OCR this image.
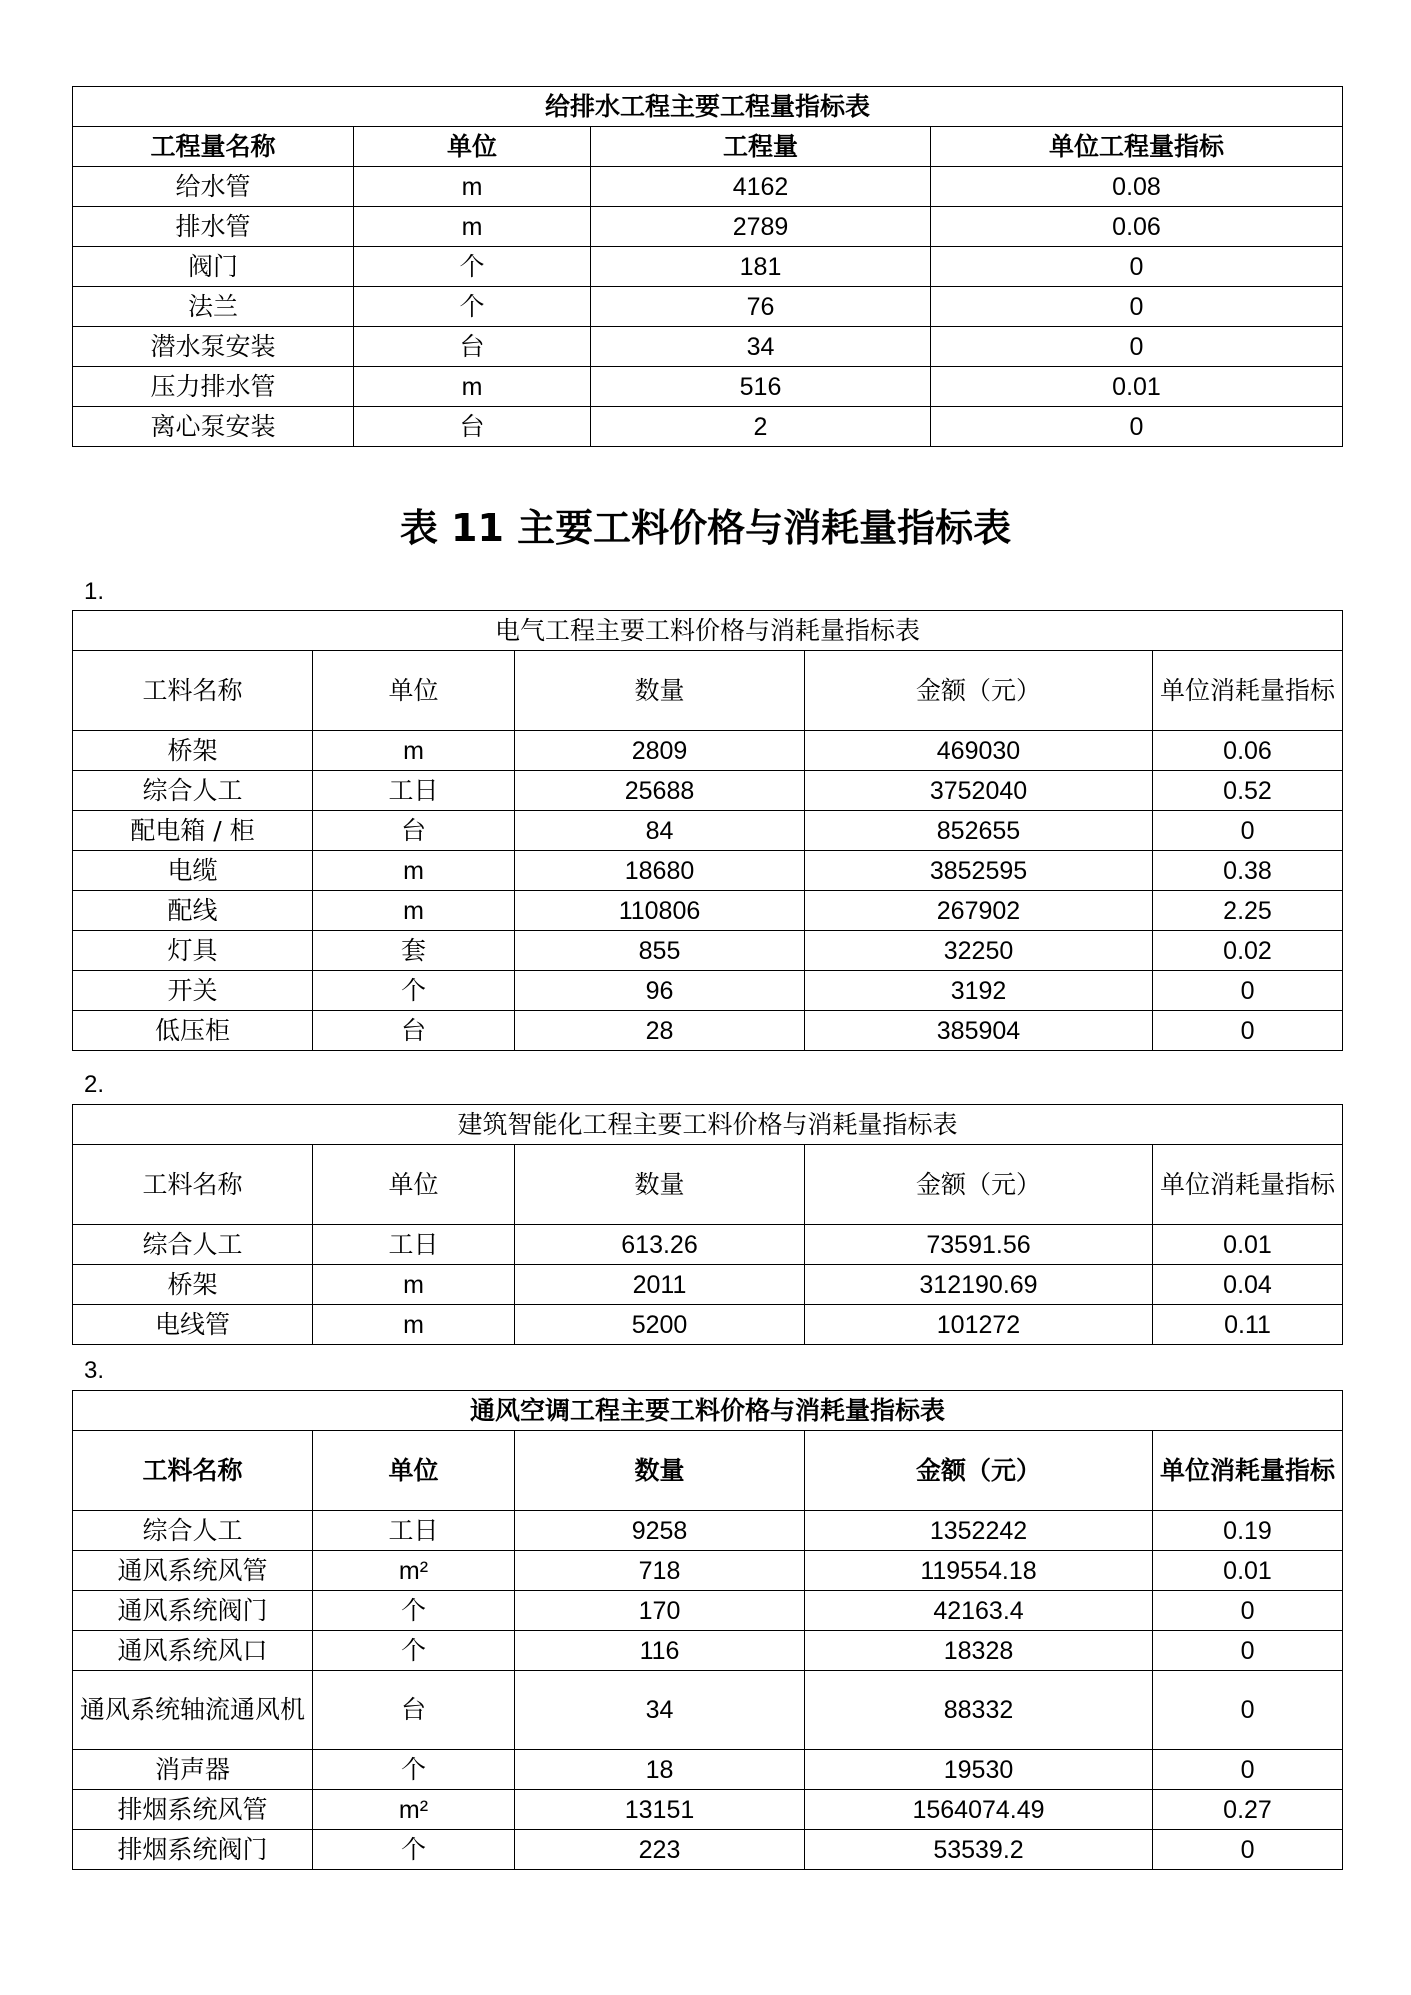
给排水工程主要工程量指标表			
工程量名称	单位	工程量	单位工程量指标
给水管	m	4162	0.08
排水管	m	2789	0.06
阀门	个	181	0
法兰	个	76	0
潜水泵安装	台	34	0
压力排水管	m	516	0.01
离心泵安装	台	2	0
表 11 主要工料价格与消耗量指标表
1.
电气工程主要工料价格与消耗量指标表				
工料名称	单位	数量	金额（元）	单位消耗量指标
桥架	m	2809	469030	0.06
综合人工	工日	25688	3752040	0.52
配电箱 / 柜	台	84	852655	0
电缆	m	18680	3852595	0.38
配线	m	110806	267902	2.25
灯具	套	855	32250	0.02
开关	个	96	3192	0
低压柜	台	28	385904	0
2.
建筑智能化工程主要工料价格与消耗量指标表				
工料名称	单位	数量	金额（元）	单位消耗量指标
综合人工	工日	613.26	73591.56	0.01
桥架	m	2011	312190.69	0.04
电线管	m	5200	101272	0.11
3.
通风空调工程主要工料价格与消耗量指标表				
工料名称	单位	数量	金额（元）	单位消耗量指标
综合人工	工日	9258	1352242	0.19
通风系统风管	m²	718	119554.18	0.01
通风系统阀门	个	170	42163.4	0
通风系统风口	个	116	18328	0
通风系统轴流通风机	台	34	88332	0
消声器	个	18	19530	0
排烟系统风管	m²	13151	1564074.49	0.27
排烟系统阀门	个	223	53539.2	0
